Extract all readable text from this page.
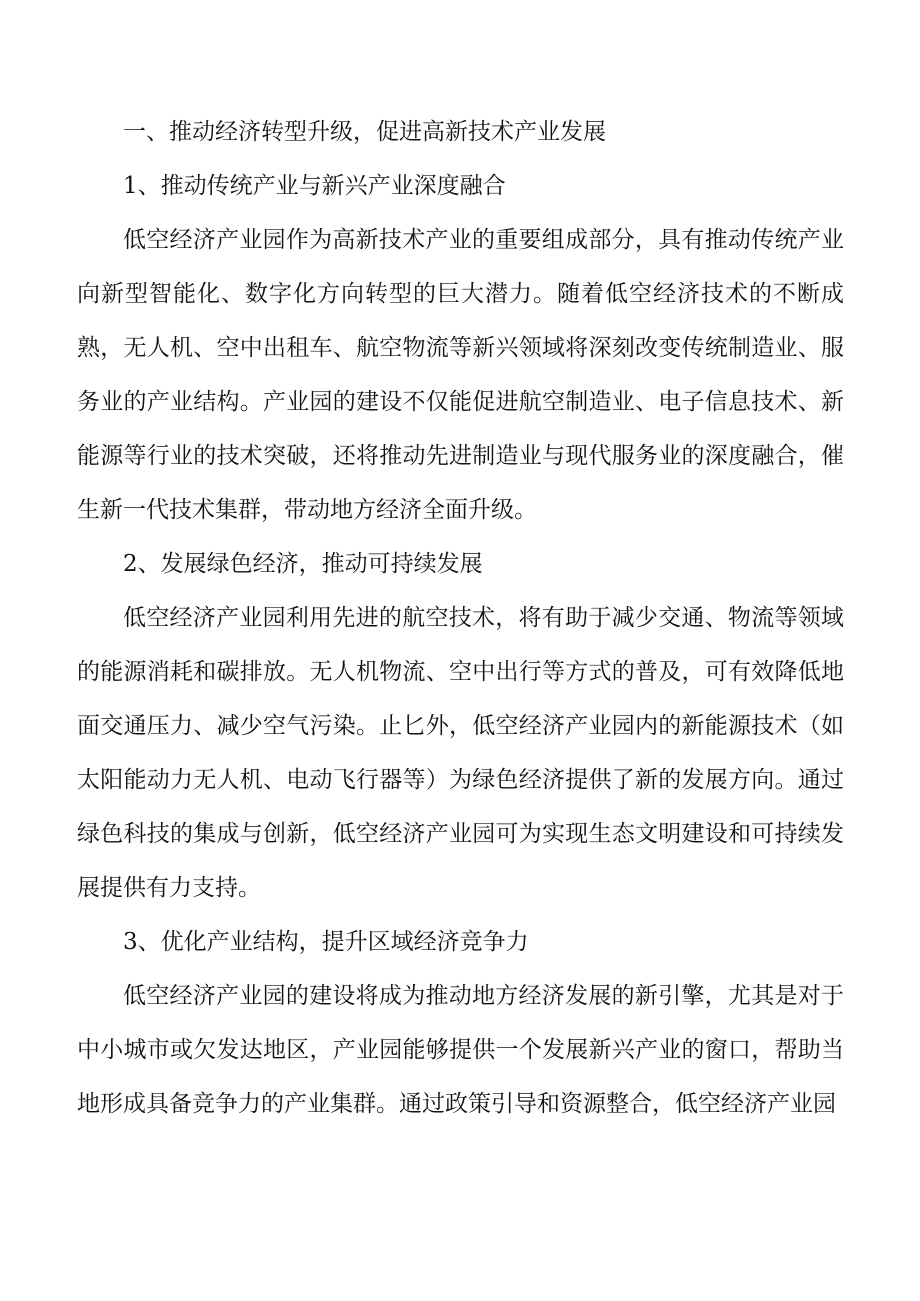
一、推动经济转型升级，促进高新技术产业发展
1、推动传统产业与新兴产业深度融合

低空经济产业园作为高新技术产业的重要组成部分，具有推动传统产业向新型智能化、数字化方向转型的巨大潜力。随着低空经济技术的不断成熟，无人机、空中出租车、航空物流等新兴领域将深刻改变传统制造业、服务业的产业结构。产业园的建设不仅能促进航空制造业、电子信息技术、新能源等行业的技术突破，还将推动先进制造业与现代服务业的深度融合，催生新一代技术集群，带动地方经济全面升级。

2、发展绿色经济，推动可持续发展

低空经济产业园利用先进的航空技术，将有助于减少交通、物流等领域的能源消耗和碳排放。无人机物流、空中出行等方式的普及，可有效降低地面交通压力、减少空气污染。止匕外，低空经济产业园内的新能源技术（如太阳能动力无人机、电动飞行器等）为绿色经济提供了新的发展方向。通过绿色科技的集成与创新，低空经济产业园可为实现生态文明建设和可持续发展提供有力支持。

3、优化产业结构，提升区域经济竞争力

低空经济产业园的建设将成为推动地方经济发展的新引擎，尤其是对于中小城市或欠发达地区，产业园能够提供一个发展新兴产业的窗口，帮助当地形成具备竞争力的产业集群。通过政策引导和资源整合，低空经济产业园
